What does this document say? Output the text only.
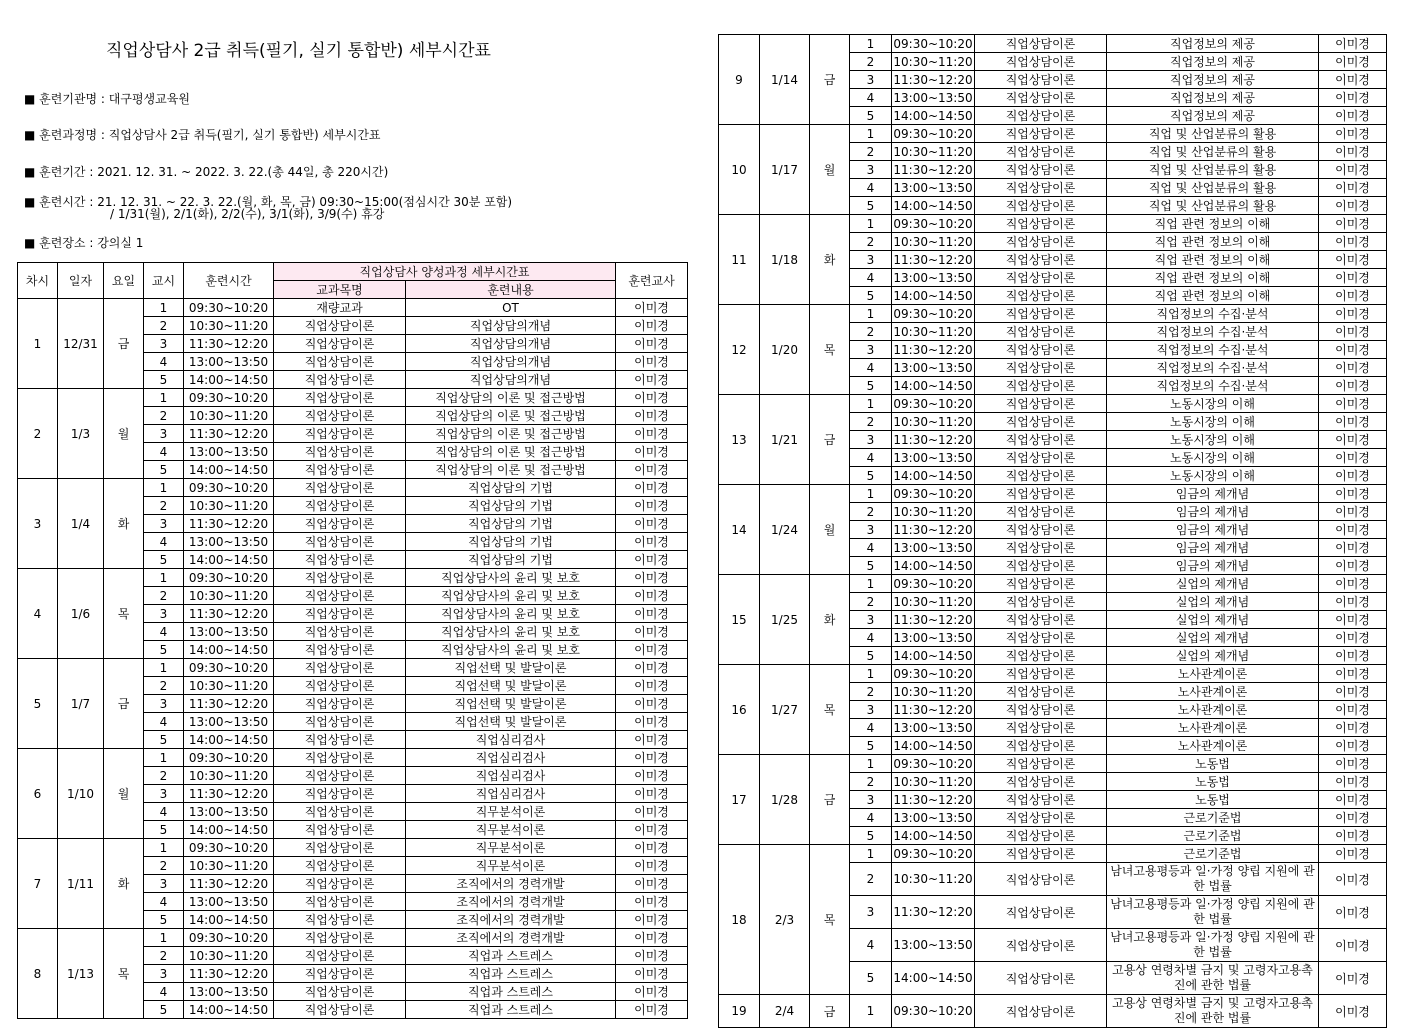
직업상담사 2급 취득(필기, 실기 통합반) 세부시간표
■ 훈련기관명 : 대구평생교육원
■ 훈련과정명 : 직업상담사 2급 취득(필기, 실기 통합반) 세부시간표
■ 훈련기간 : 2021. 12. 31. ~ 2022. 3. 22.(총 44일, 총 220시간)
■ 훈련시간 : 21. 12. 31. ~ 22. 3. 22.(월, 화, 목, 금) 09:30~15:00(점심시간 30분 포함)
/ 1/31(월), 2/1(화), 2/2(수), 3/1(화), 3/9(수) 휴강
■ 훈련장소 : 강의실 1
차시	일자	요일	교시	훈련시간	직업상담사 양성과정 세부시간표		훈련교사
					교과목명	훈련내용	
1	12/31	금	1	09:30~10:20	재량교과	OT	이미경
			2	10:30~11:20	직업상담이론	직업상담의개념	이미경
			3	11:30~12:20	직업상담이론	직업상담의개념	이미경
			4	13:00~13:50	직업상담이론	직업상담의개념	이미경
			5	14:00~14:50	직업상담이론	직업상담의개념	이미경
2	1/3	월	1	09:30~10:20	직업상담이론	직업상담의 이론 및 접근방법	이미경
			2	10:30~11:20	직업상담이론	직업상담의 이론 및 접근방법	이미경
			3	11:30~12:20	직업상담이론	직업상담의 이론 및 접근방법	이미경
			4	13:00~13:50	직업상담이론	직업상담의 이론 및 접근방법	이미경
			5	14:00~14:50	직업상담이론	직업상담의 이론 및 접근방법	이미경
3	1/4	화	1	09:30~10:20	직업상담이론	직업상담의 기법	이미경
			2	10:30~11:20	직업상담이론	직업상담의 기법	이미경
			3	11:30~12:20	직업상담이론	직업상담의 기법	이미경
			4	13:00~13:50	직업상담이론	직업상담의 기법	이미경
			5	14:00~14:50	직업상담이론	직업상담의 기법	이미경
4	1/6	목	1	09:30~10:20	직업상담이론	직업상담사의 윤리 및 보호	이미경
			2	10:30~11:20	직업상담이론	직업상담사의 윤리 및 보호	이미경
			3	11:30~12:20	직업상담이론	직업상담사의 윤리 및 보호	이미경
			4	13:00~13:50	직업상담이론	직업상담사의 윤리 및 보호	이미경
			5	14:00~14:50	직업상담이론	직업상담사의 윤리 및 보호	이미경
5	1/7	금	1	09:30~10:20	직업상담이론	직업선택 및 발달이론	이미경
			2	10:30~11:20	직업상담이론	직업선택 및 발달이론	이미경
			3	11:30~12:20	직업상담이론	직업선택 및 발달이론	이미경
			4	13:00~13:50	직업상담이론	직업선택 및 발달이론	이미경
			5	14:00~14:50	직업상담이론	직업심리검사	이미경
6	1/10	월	1	09:30~10:20	직업상담이론	직업심리검사	이미경
			2	10:30~11:20	직업상담이론	직업심리검사	이미경
			3	11:30~12:20	직업상담이론	직업심리검사	이미경
			4	13:00~13:50	직업상담이론	직무분석이론	이미경
			5	14:00~14:50	직업상담이론	직무분석이론	이미경
7	1/11	화	1	09:30~10:20	직업상담이론	직무분석이론	이미경
			2	10:30~11:20	직업상담이론	직무분석이론	이미경
			3	11:30~12:20	직업상담이론	조직에서의 경력개발	이미경
			4	13:00~13:50	직업상담이론	조직에서의 경력개발	이미경
			5	14:00~14:50	직업상담이론	조직에서의 경력개발	이미경
8	1/13	목	1	09:30~10:20	직업상담이론	조직에서의 경력개발	이미경
			2	10:30~11:20	직업상담이론	직업과 스트레스	이미경
			3	11:30~12:20	직업상담이론	직업과 스트레스	이미경
			4	13:00~13:50	직업상담이론	직업과 스트레스	이미경
			5	14:00~14:50	직업상담이론	직업과 스트레스	이미경
9	1/14	금	1	09:30~10:20	직업상담이론	직업정보의 제공	이미경
			2	10:30~11:20	직업상담이론	직업정보의 제공	이미경
			3	11:30~12:20	직업상담이론	직업정보의 제공	이미경
			4	13:00~13:50	직업상담이론	직업정보의 제공	이미경
			5	14:00~14:50	직업상담이론	직업정보의 제공	이미경
10	1/17	월	1	09:30~10:20	직업상담이론	직업 및 산업분류의 활용	이미경
			2	10:30~11:20	직업상담이론	직업 및 산업분류의 활용	이미경
			3	11:30~12:20	직업상담이론	직업 및 산업분류의 활용	이미경
			4	13:00~13:50	직업상담이론	직업 및 산업분류의 활용	이미경
			5	14:00~14:50	직업상담이론	직업 및 산업분류의 활용	이미경
11	1/18	화	1	09:30~10:20	직업상담이론	직업 관련 정보의 이해	이미경
			2	10:30~11:20	직업상담이론	직업 관련 정보의 이해	이미경
			3	11:30~12:20	직업상담이론	직업 관련 정보의 이해	이미경
			4	13:00~13:50	직업상담이론	직업 관련 정보의 이해	이미경
			5	14:00~14:50	직업상담이론	직업 관련 정보의 이해	이미경
12	1/20	목	1	09:30~10:20	직업상담이론	직업정보의 수집·분석	이미경
			2	10:30~11:20	직업상담이론	직업정보의 수집·분석	이미경
			3	11:30~12:20	직업상담이론	직업정보의 수집·분석	이미경
			4	13:00~13:50	직업상담이론	직업정보의 수집·분석	이미경
			5	14:00~14:50	직업상담이론	직업정보의 수집·분석	이미경
13	1/21	금	1	09:30~10:20	직업상담이론	노동시장의 이해	이미경
			2	10:30~11:20	직업상담이론	노동시장의 이해	이미경
			3	11:30~12:20	직업상담이론	노동시장의 이해	이미경
			4	13:00~13:50	직업상담이론	노동시장의 이해	이미경
			5	14:00~14:50	직업상담이론	노동시장의 이해	이미경
14	1/24	월	1	09:30~10:20	직업상담이론	임금의 제개념	이미경
			2	10:30~11:20	직업상담이론	임금의 제개념	이미경
			3	11:30~12:20	직업상담이론	임금의 제개념	이미경
			4	13:00~13:50	직업상담이론	임금의 제개념	이미경
			5	14:00~14:50	직업상담이론	임금의 제개념	이미경
15	1/25	화	1	09:30~10:20	직업상담이론	실업의 제개념	이미경
			2	10:30~11:20	직업상담이론	실업의 제개념	이미경
			3	11:30~12:20	직업상담이론	실업의 제개념	이미경
			4	13:00~13:50	직업상담이론	실업의 제개념	이미경
			5	14:00~14:50	직업상담이론	실업의 제개념	이미경
16	1/27	목	1	09:30~10:20	직업상담이론	노사관계이론	이미경
			2	10:30~11:20	직업상담이론	노사관계이론	이미경
			3	11:30~12:20	직업상담이론	노사관계이론	이미경
			4	13:00~13:50	직업상담이론	노사관계이론	이미경
			5	14:00~14:50	직업상담이론	노사관계이론	이미경
17	1/28	금	1	09:30~10:20	직업상담이론	노동법	이미경
			2	10:30~11:20	직업상담이론	노동법	이미경
			3	11:30~12:20	직업상담이론	노동법	이미경
			4	13:00~13:50	직업상담이론	근로기준법	이미경
			5	14:00~14:50	직업상담이론	근로기준법	이미경
18	2/3	목	1	09:30~10:20	직업상담이론	근로기준법	이미경
			2	10:30~11:20	직업상담이론	남녀고용평등과 일·가정 양립 지원에 관한 법률	이미경
			3	11:30~12:20	직업상담이론	남녀고용평등과 일·가정 양립 지원에 관한 법률	이미경
			4	13:00~13:50	직업상담이론	남녀고용평등과 일·가정 양립 지원에 관한 법률	이미경
			5	14:00~14:50	직업상담이론	고용상 연령차별 금지 및 고령자고용촉진에 관한 법률	이미경
19	2/4	금	1	09:30~10:20	직업상담이론	고용상 연령차별 금지 및 고령자고용촉진에 관한 법률	이미경
